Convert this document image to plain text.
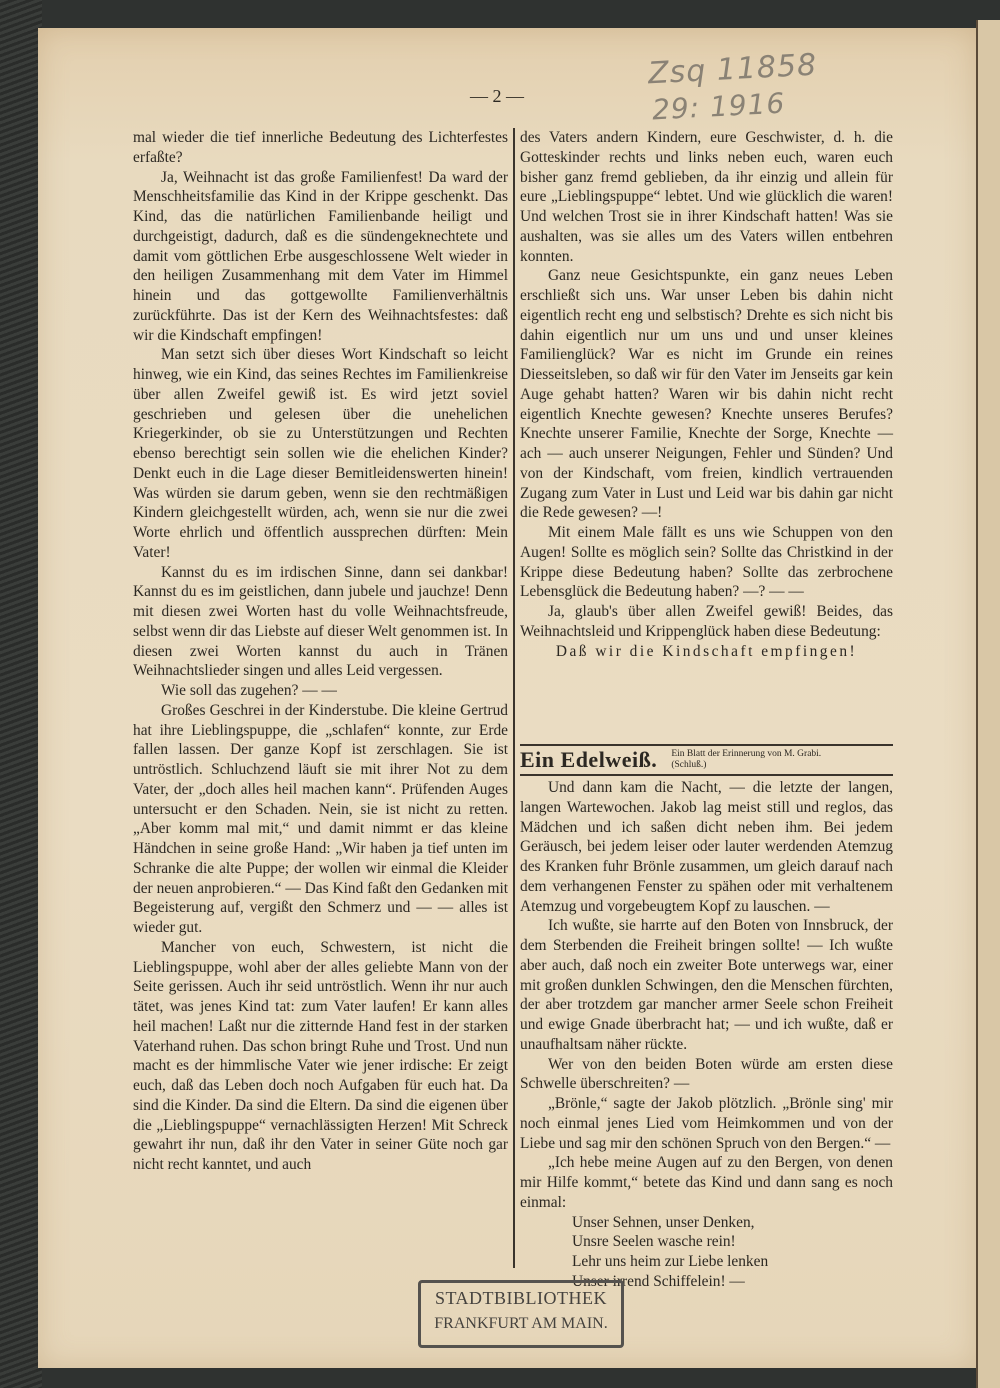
Zsq 11858
29: 1916
— 2 —

mal wieder die tief innerliche Bedeutung des Lichterfestes erfaßte?

Ja, Weihnacht ist das große Familienfest! Da ward der Menschheitsfamilie das Kind in der Krippe geschenkt. Das Kind, das die natürlichen Familienbande heiligt und durchgeistigt, dadurch, daß es die sündengeknechtete und damit vom göttlichen Erbe ausgeschlossene Welt wieder in den heiligen Zusammenhang mit dem Vater im Himmel hinein und das gottgewollte Familienverhältnis zurückführte. Das ist der Kern des Weihnachtsfestes: daß wir die Kindschaft empfingen!

Man setzt sich über dieses Wort Kindschaft so leicht hinweg, wie ein Kind, das seines Rechtes im Familienkreise über allen Zweifel gewiß ist. Es wird jetzt soviel geschrieben und gelesen über die unehelichen Kriegerkinder, ob sie zu Unterstützungen und Rechten ebenso berechtigt sein sollen wie die ehelichen Kinder? Denkt euch in die Lage dieser Bemitleidenswerten hinein! Was würden sie darum geben, wenn sie den rechtmäßigen Kindern gleichgestellt würden, ach, wenn sie nur die zwei Worte ehrlich und öffentlich aussprechen dürften: Mein Vater!

Kannst du es im irdischen Sinne, dann sei dankbar! Kannst du es im geistlichen, dann jubele und jauchze! Denn mit diesen zwei Worten hast du volle Weihnachtsfreude, selbst wenn dir das Liebste auf dieser Welt genommen ist. In diesen zwei Worten kannst du auch in Tränen Weihnachtslieder singen und alles Leid vergessen.

Wie soll das zugehen? — —

Großes Geschrei in der Kinderstube. Die kleine Gertrud hat ihre Lieblingspuppe, die „schlafen“ konnte, zur Erde fallen lassen. Der ganze Kopf ist zerschlagen. Sie ist untröstlich. Schluchzend läuft sie mit ihrer Not zu dem Vater, der „doch alles heil machen kann“. Prüfenden Auges untersucht er den Schaden. Nein, sie ist nicht zu retten. „Aber komm mal mit,“ und damit nimmt er das kleine Händchen in seine große Hand: „Wir haben ja tief unten im Schranke die alte Puppe; der wollen wir einmal die Kleider der neuen anprobieren.“ — Das Kind faßt den Gedanken mit Begeisterung auf, vergißt den Schmerz und — — alles ist wieder gut.

Mancher von euch, Schwestern, ist nicht die Lieblingspuppe, wohl aber der alles geliebte Mann von der Seite gerissen. Auch ihr seid untröstlich. Wenn ihr nur auch tätet, was jenes Kind tat: zum Vater laufen! Er kann alles heil machen! Laßt nur die zitternde Hand fest in der starken Vaterhand ruhen. Das schon bringt Ruhe und Trost. Und nun macht es der himmlische Vater wie jener irdische: Er zeigt euch, daß das Leben doch noch Aufgaben für euch hat. Da sind die Kinder. Da sind die Eltern. Da sind die eigenen über die „Lieblingspuppe“ vernachlässigten Herzen! Mit Schreck gewahrt ihr nun, daß ihr den Vater in seiner Güte noch gar nicht recht kanntet, und auch

des Vaters andern Kindern, eure Geschwister, d. h. die Gotteskinder rechts und links neben euch, waren euch bisher ganz fremd geblieben, da ihr einzig und allein für eure „Lieblingspuppe“ lebtet. Und wie glücklich die waren! Und welchen Trost sie in ihrer Kindschaft hatten! Was sie aushalten, was sie alles um des Vaters willen entbehren konnten.

Ganz neue Gesichtspunkte, ein ganz neues Leben erschließt sich uns. War unser Leben bis dahin nicht eigentlich recht eng und selbstisch? Drehte es sich nicht bis dahin eigentlich nur um uns und und unser kleines Familienglück? War es nicht im Grunde ein reines Diesseitsleben, so daß wir für den Vater im Jenseits gar kein Auge gehabt hatten? Waren wir bis dahin nicht recht eigentlich Knechte gewesen? Knechte unseres Berufes? Knechte unserer Familie, Knechte der Sorge, Knechte — ach — auch unserer Neigungen, Fehler und Sünden? Und von der Kindschaft, vom freien, kindlich vertrauenden Zugang zum Vater in Lust und Leid war bis dahin gar nicht die Rede gewesen? —!

Mit einem Male fällt es uns wie Schuppen von den Augen! Sollte es möglich sein? Sollte das Christkind in der Krippe diese Bedeutung haben? Sollte das zerbrochene Lebensglück die Bedeutung haben? —? — —

Ja, glaub's über allen Zweifel gewiß! Beides, das Weihnachtsleid und Krippenglück haben diese Bedeutung:

Daß wir die Kindschaft empfingen!

Ein Edelweiß. Ein Blatt der Erinnerung von M. Grabi.
(Schluß.)

Und dann kam die Nacht, — die letzte der langen, langen Wartewochen. Jakob lag meist still und reglos, das Mädchen und ich saßen dicht neben ihm. Bei jedem Geräusch, bei jedem leiser oder lauter werdenden Atemzug des Kranken fuhr Brönle zusammen, um gleich darauf nach dem verhangenen Fenster zu spähen oder mit verhaltenem Atemzug und vorgebeugtem Kopf zu lauschen. —

Ich wußte, sie harrte auf den Boten von Innsbruck, der dem Sterbenden die Freiheit bringen sollte! — Ich wußte aber auch, daß noch ein zweiter Bote unterwegs war, einer mit großen dunklen Schwingen, den die Menschen fürchten, der aber trotzdem gar mancher armer Seele schon Freiheit und ewige Gnade überbracht hat; — und ich wußte, daß er unaufhaltsam näher rückte.

Wer von den beiden Boten würde am ersten diese Schwelle überschreiten? —

„Brönle,“ sagte der Jakob plötzlich. „Brönle sing' mir noch einmal jenes Lied vom Heimkommen und von der Liebe und sag mir den schönen Spruch von den Bergen.“ —

„Ich hebe meine Augen auf zu den Bergen, von denen mir Hilfe kommt,“ betete das Kind und dann sang es noch einmal:

Unser Sehnen, unser Denken,

Unsre Seelen wasche rein!

Lehr uns heim zur Liebe lenken

Unser irrend Schiffelein! —

STADTBIBLIOTHEK
FRANKFURT AM MAIN.
